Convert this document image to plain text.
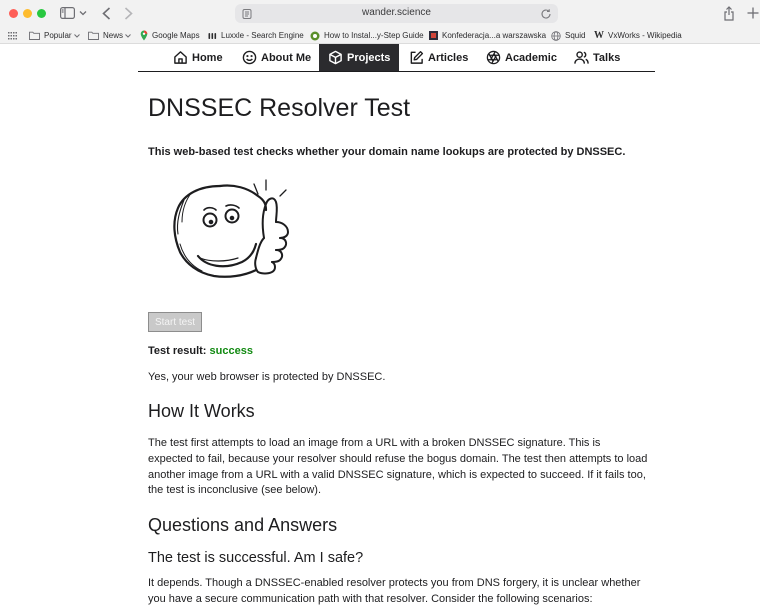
wander.science
Popular	News	Google Maps	Luxxle - Search Engine	How to Instal...y-Step Guide Konfederacja...a warszawska Squid W VxWorks - Wikipedia
Home	About Me	Projects	Articles	Academic	Talks
DNSSEC Resolver Test

This web-based test checks whether your domain name lookups are protected by DNSSEC.

Start test

Test result: success

Yes, your web browser is protected by DNSSEC.

How It Works

The test first attempts to load an image from a URL with a broken DNSSEC signature. This is expected to fail, because your resolver should refuse the bogus domain. The test then attempts to load another image from a URL with a valid DNSSEC signature, which is expected to succeed. If it fails too, the test is inconclusive (see below).

Questions and Answers
The test is successful. Am I safe?

It depends. Though a DNSSEC-enabled resolver protects you from DNS forgery, it is unclear whether you have a secure communication path with that resolver. Consider the following scenarios:
